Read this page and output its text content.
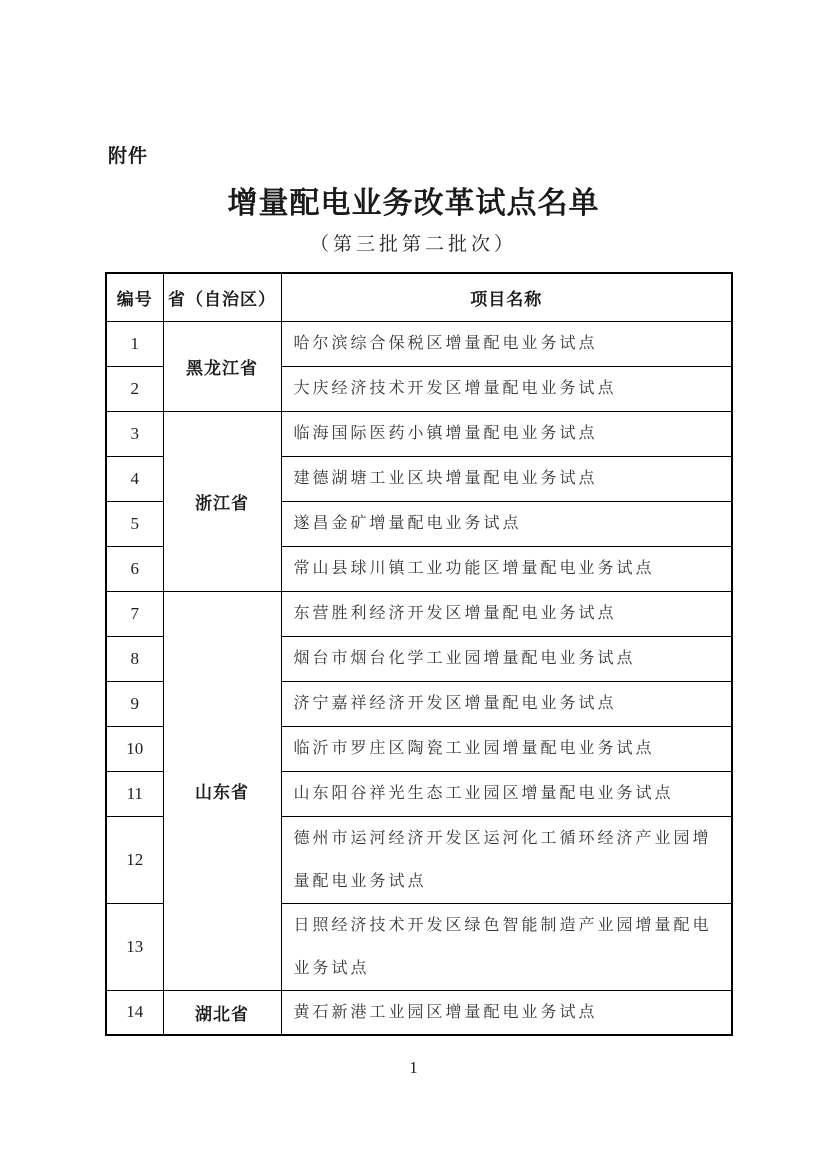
附件
增量配电业务改革试点名单
（第三批第二批次）
编号	省（自治区）	项目名称
1	黑龙江省	哈尔滨综合保税区增量配电业务试点
2		大庆经济技术开发区增量配电业务试点
3	浙江省	临海国际医药小镇增量配电业务试点
4		建德湖塘工业区块增量配电业务试点
5		遂昌金矿增量配电业务试点
6		常山县球川镇工业功能区增量配电业务试点
7	山东省	东营胜利经济开发区增量配电业务试点
8		烟台市烟台化学工业园增量配电业务试点
9		济宁嘉祥经济开发区增量配电业务试点
10		临沂市罗庄区陶瓷工业园增量配电业务试点
11		山东阳谷祥光生态工业园区增量配电业务试点
12		德州市运河经济开发区运河化工循环经济产业园增量配电业务试点
13		日照经济技术开发区绿色智能制造产业园增量配电业务试点
14	湖北省	黄石新港工业园区增量配电业务试点
1
